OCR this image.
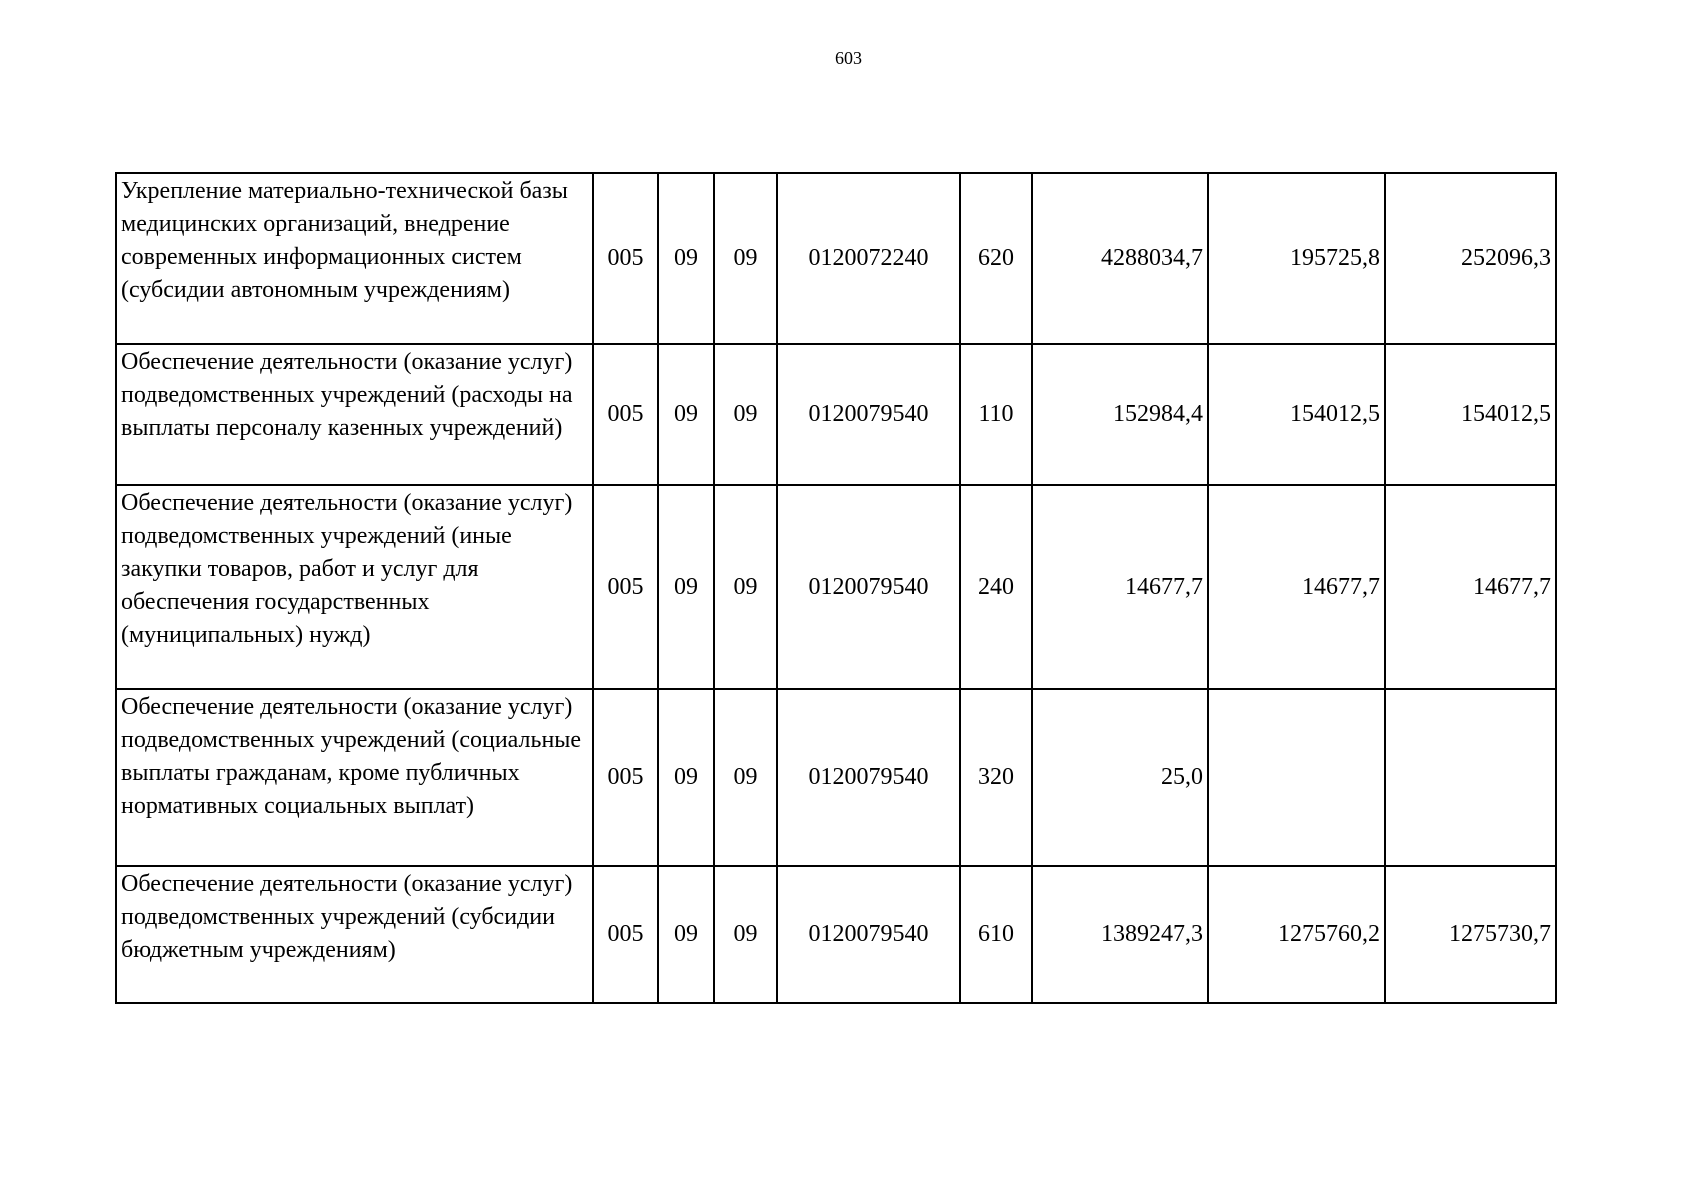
603
Укрепление материально-технической базы медицинских организаций, внедрение современных информационных систем (субсидии автономным учреждениям)	005	09	09	0120072240	620	4288034,7	195725,8	252096,3
Обеспечение деятельности (оказание услуг) подведомственных учреждений (расходы на выплаты персоналу казенных учреждений)	005	09	09	0120079540	110	152984,4	154012,5	154012,5
Обеспечение деятельности (оказание услуг) подведомственных учреждений (иные закупки товаров, работ и услуг для обеспечения государственных (муниципальных) нужд)	005	09	09	0120079540	240	14677,7	14677,7	14677,7
Обеспечение деятельности (оказание услуг) подведомственных учреждений (социальные выплаты гражданам, кроме публичных нормативных социальных выплат)	005	09	09	0120079540	320	25,0		
Обеспечение деятельности (оказание услуг) подведомственных учреждений (субсидии бюджетным учреждениям)	005	09	09	0120079540	610	1389247,3	1275760,2	1275730,7
